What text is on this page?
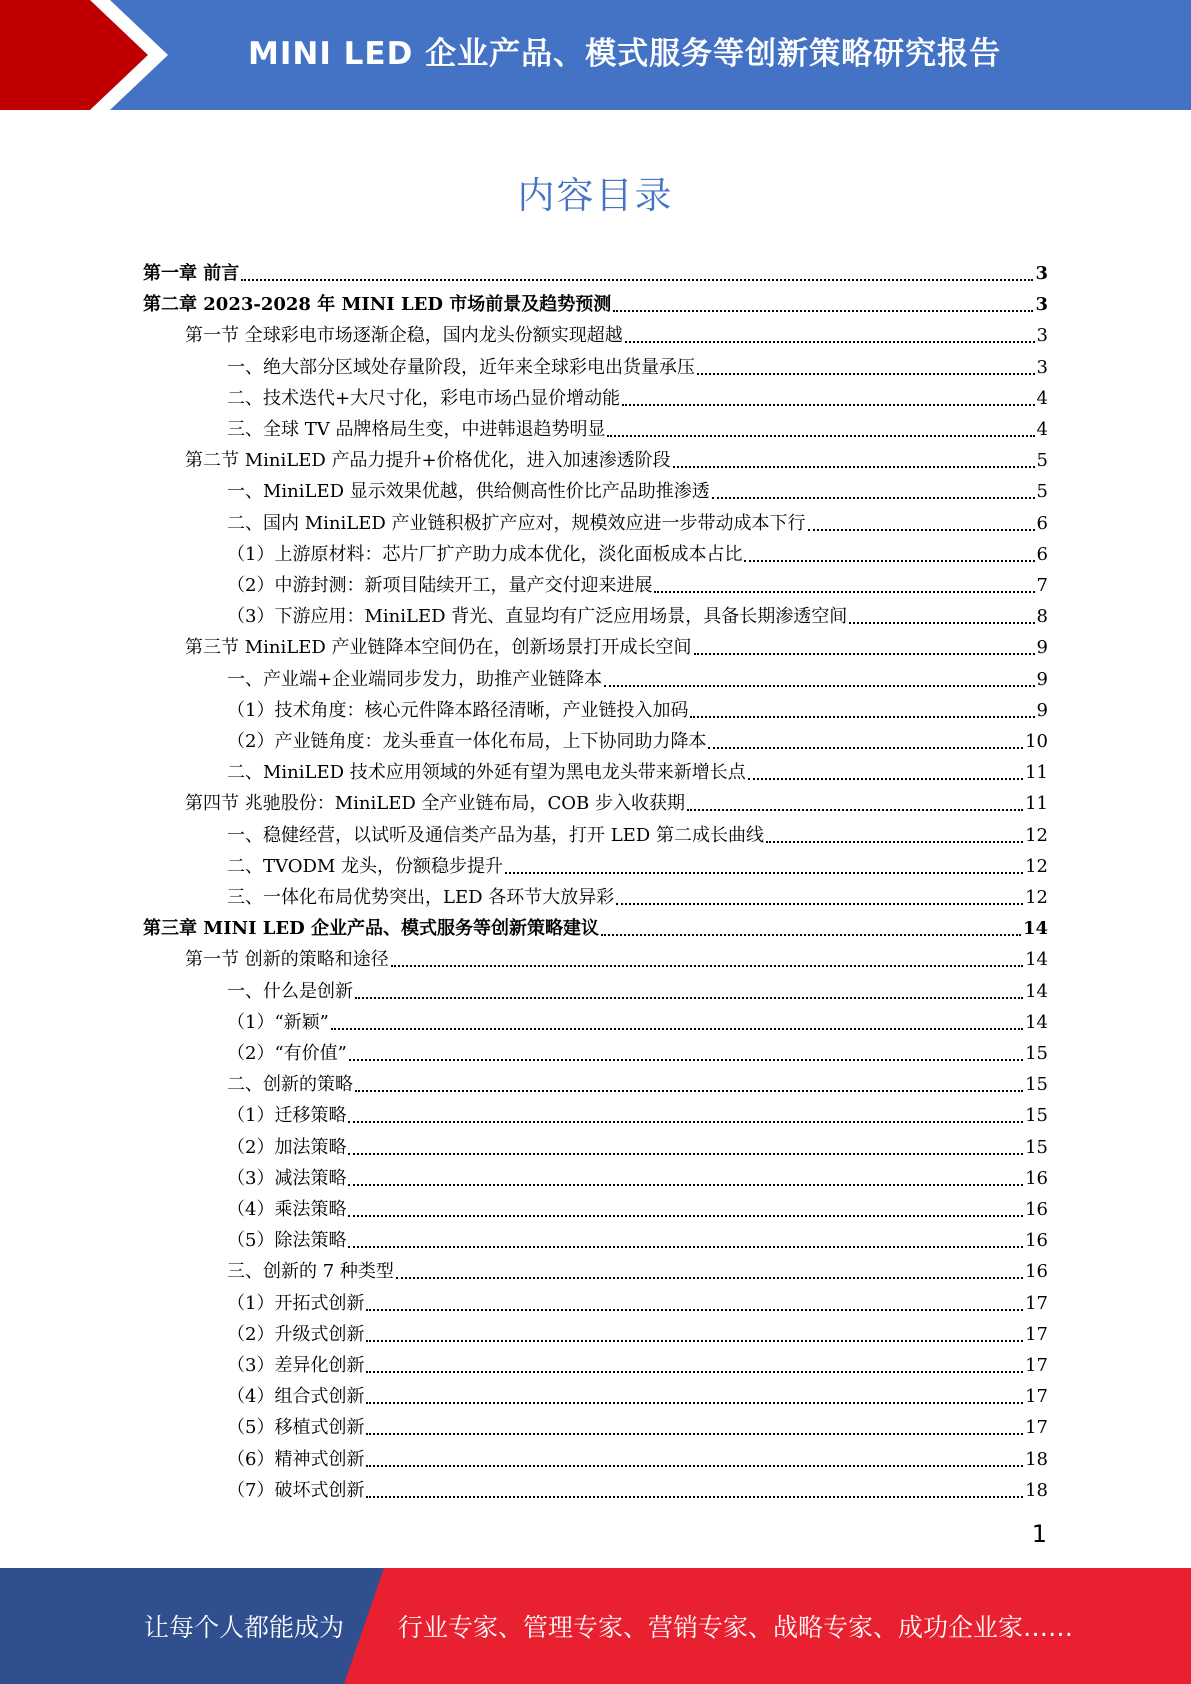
MINI LED 企业产品、模式服务等创新策略研究报告
内容目录
第一章 前言	3
第二章 2023-2028 年 MINI LED 市场前景及趋势预测	3
第一节 全球彩电市场逐渐企稳，国内龙头份额实现超越	3
一、绝大部分区域处存量阶段，近年来全球彩电出货量承压	3
二、技术迭代+大尺寸化，彩电市场凸显价增动能	4
三、全球 TV 品牌格局生变，中进韩退趋势明显	4
第二节 MiniLED 产品力提升+价格优化，进入加速渗透阶段	5
一、MiniLED 显示效果优越，供给侧高性价比产品助推渗透	5
二、国内 MiniLED 产业链积极扩产应对，规模效应进一步带动成本下行	6
（1）上游原材料：芯片厂扩产助力成本优化，淡化面板成本占比	6
（2）中游封测：新项目陆续开工，量产交付迎来进展	7
（3）下游应用：MiniLED 背光、直显均有广泛应用场景，具备长期渗透空间	8
第三节 MiniLED 产业链降本空间仍在，创新场景打开成长空间	9
一、产业端+企业端同步发力，助推产业链降本	9
（1）技术角度：核心元件降本路径清晰，产业链投入加码	9
（2）产业链角度：龙头垂直一体化布局，上下协同助力降本	10
二、MiniLED 技术应用领域的外延有望为黑电龙头带来新增长点	11
第四节 兆驰股份：MiniLED 全产业链布局，COB 步入收获期	11
一、稳健经营，以试听及通信类产品为基，打开 LED 第二成长曲线	12
二、TVODM 龙头，份额稳步提升	12
三、一体化布局优势突出，LED 各环节大放异彩	12
第三章 MINI LED 企业产品、模式服务等创新策略建议	14
第一节 创新的策略和途径	14
一、什么是创新	14
（1）“新颖”	14
（2）“有价值”	15
二、创新的策略	15
（1）迁移策略	15
（2）加法策略	15
（3）减法策略	16
（4）乘法策略	16
（5）除法策略	16
三、创新的 7 种类型	16
（1）开拓式创新	17
（2）升级式创新	17
（3）差异化创新	17
（4）组合式创新	17
（5）移植式创新	17
（6）精神式创新	18
（7）破坏式创新	18
1
让每个人都能成为 行业专家、管理专家、营销专家、战略专家、成功企业家……
